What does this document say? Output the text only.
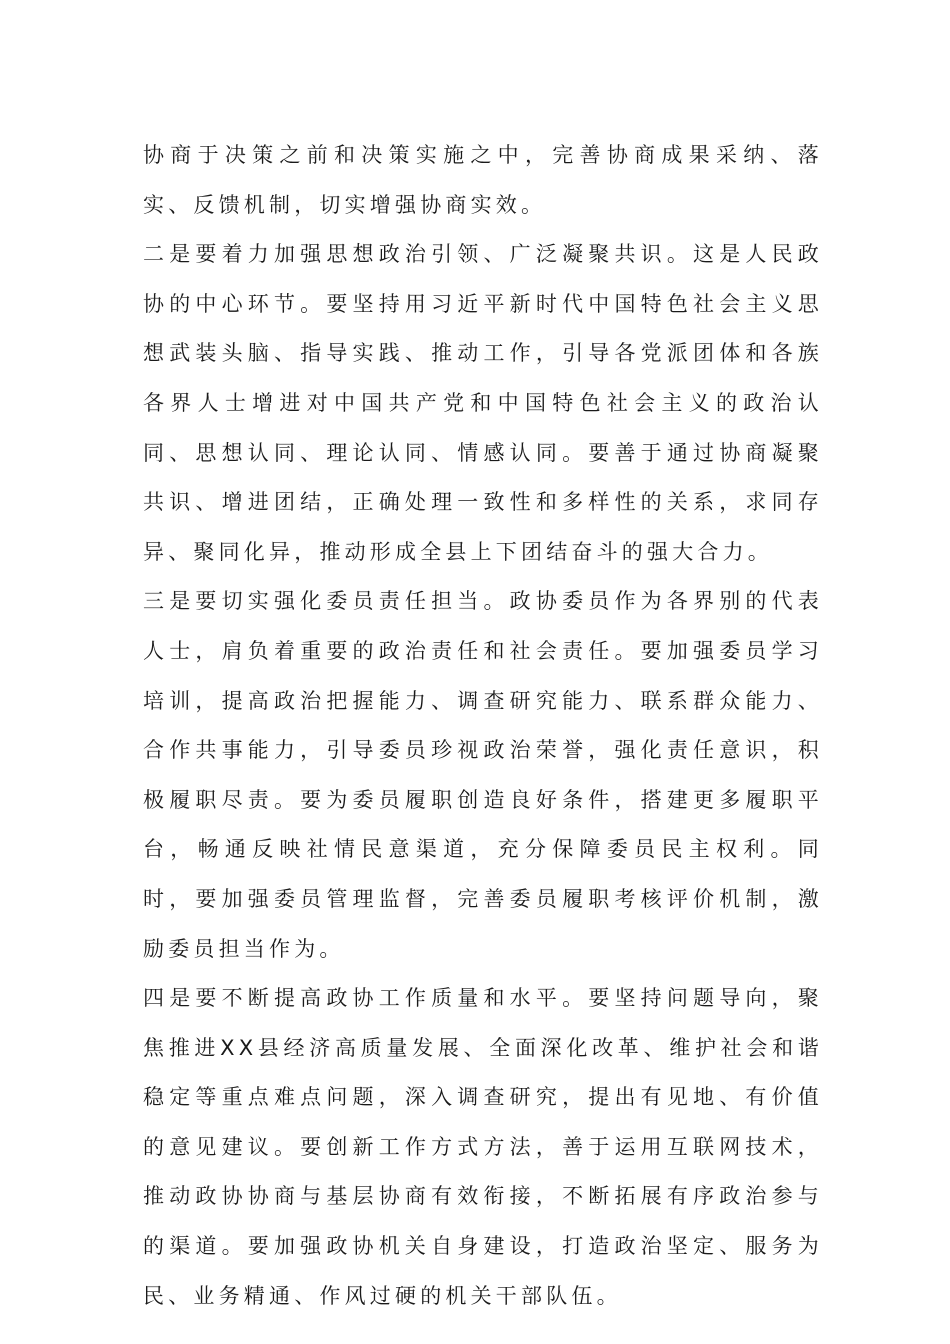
协商于决策之前和决策实施之中，完善协商成果采纳、落实、反馈机制，切实增强协商实效。

二是要着力加强思想政治引领、广泛凝聚共识。这是人民政协的中心环节。要坚持用习近平新时代中国特色社会主义思想武装头脑、指导实践、推动工作，引导各党派团体和各族各界人士增进对中国共产党和中国特色社会主义的政治认同、思想认同、理论认同、情感认同。要善于通过协商凝聚共识、增进团结，正确处理一致性和多样性的关系，求同存异、聚同化异，推动形成全县上下团结奋斗的强大合力。

三是要切实强化委员责任担当。政协委员作为各界别的代表人士，肩负着重要的政治责任和社会责任。要加强委员学习培训，提高政治把握能力、调查研究能力、联系群众能力、合作共事能力，引导委员珍视政治荣誉，强化责任意识，积极履职尽责。要为委员履职创造良好条件，搭建更多履职平台，畅通反映社情民意渠道，充分保障委员民主权利。同时，要加强委员管理监督，完善委员履职考核评价机制，激励委员担当作为。

四是要不断提高政协工作质量和水平。要坚持问题导向，聚焦推进XX县经济高质量发展、全面深化改革、维护社会和谐稳定等重点难点问题，深入调查研究，提出有见地、有价值的意见建议。要创新工作方式方法，善于运用互联网技术，推动政协协商与基层协商有效衔接，不断拓展有序政治参与的渠道。要加强政协机关自身建设，打造政治坚定、服务为民、业务精通、作风过硬的机关干部队伍。
